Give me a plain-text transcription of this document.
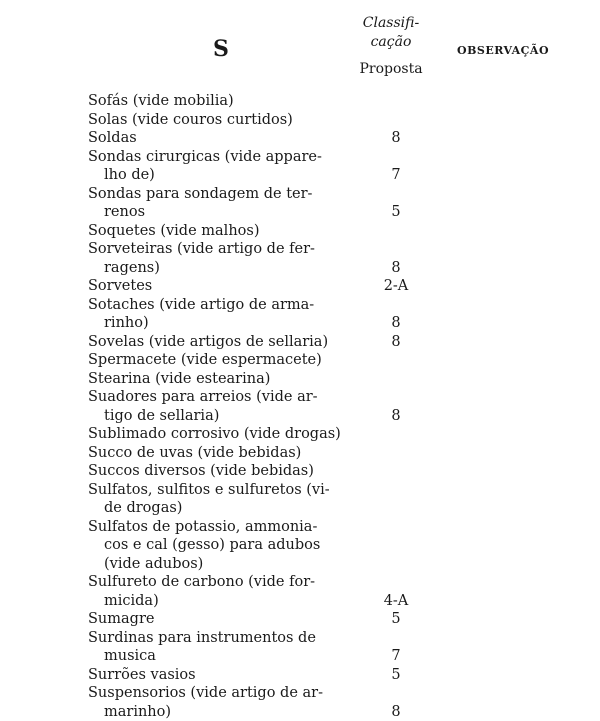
S
Classifi-
cação
Proposta
OBSERVAÇÃO
Sofás (vide mobilia)
Solas (vide couros curtidos)
Soldas	8
Sondas cirurgicas (vide appare-
lho de)	7
Sondas para sondagem de ter-
renos	5
Soquetes (vide malhos)
Sorveteiras (vide artigo de fer-
ragens)	8
Sorvetes	2-A
Sotaches (vide artigo de arma-
rinho)	8
Sovelas (vide artigos de sellaria)	8
Spermacete (vide espermacete)
Stearina (vide estearina)
Suadores para arreios (vide ar-
tigo de sellaria)	8
Sublimado corrosivo (vide drogas)
Succo de uvas (vide bebidas)
Succos diversos (vide bebidas)
Sulfatos, sulfitos e sulfuretos (vi-
de drogas)
Sulfatos de potassio, ammonia-
cos e cal (gesso) para adubos
(vide adubos)
Sulfureto de carbono (vide for-
micida)	4-A
Sumagre	5
Surdinas para instrumentos de
musica	7
Surrões vasios	5
Suspensorios (vide artigo de ar-
marinho)	8
